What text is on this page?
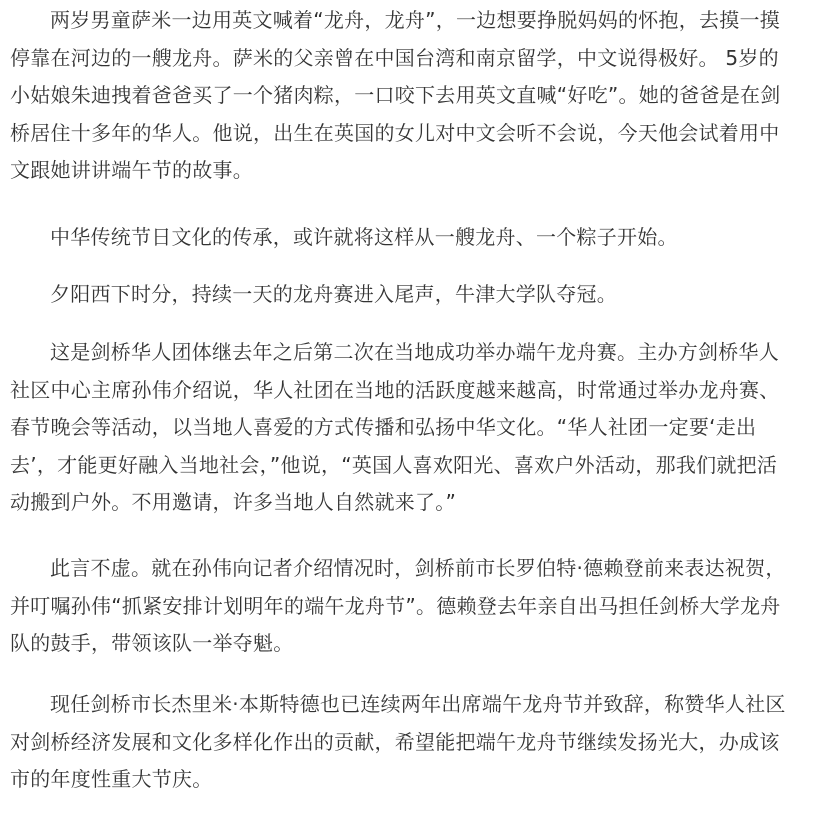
两岁男童萨米一边用英文喊着“龙舟，龙舟”，一边想要挣脱妈妈的怀抱，去摸一摸停靠在河边的一艘龙舟。萨米的父亲曾在中国台湾和南京留学，中文说得极好。 5岁的小姑娘朱迪拽着爸爸买了一个猪肉粽，一口咬下去用英文直喊“好吃”。她的爸爸是在剑桥居住十多年的华人。他说，出生在英国的女儿对中文会听不会说，今天他会试着用中文跟她讲讲端午节的故事。

中华传统节日文化的传承，或许就将这样从一艘龙舟、一个粽子开始。

夕阳西下时分，持续一天的龙舟赛进入尾声，牛津大学队夺冠。

这是剑桥华人团体继去年之后第二次在当地成功举办端午龙舟赛。主办方剑桥华人社区中心主席孙伟介绍说，华人社团在当地的活跃度越来越高，时常通过举办龙舟赛、春节晚会等活动，以当地人喜爱的方式传播和弘扬中华文化。“华人社团一定要‘走出去’，才能更好融入当地社会，”他说，“英国人喜欢阳光、喜欢户外活动，那我们就把活动搬到户外。不用邀请，许多当地人自然就来了。”

此言不虚。就在孙伟向记者介绍情况时，剑桥前市长罗伯特·德赖登前来表达祝贺，并叮嘱孙伟“抓紧安排计划明年的端午龙舟节”。德赖登去年亲自出马担任剑桥大学龙舟队的鼓手，带领该队一举夺魁。

现任剑桥市长杰里米·本斯特德也已连续两年出席端午龙舟节并致辞，称赞华人社区对剑桥经济发展和文化多样化作出的贡献，希望能把端午龙舟节继续发扬光大，办成该市的年度性重大节庆。
